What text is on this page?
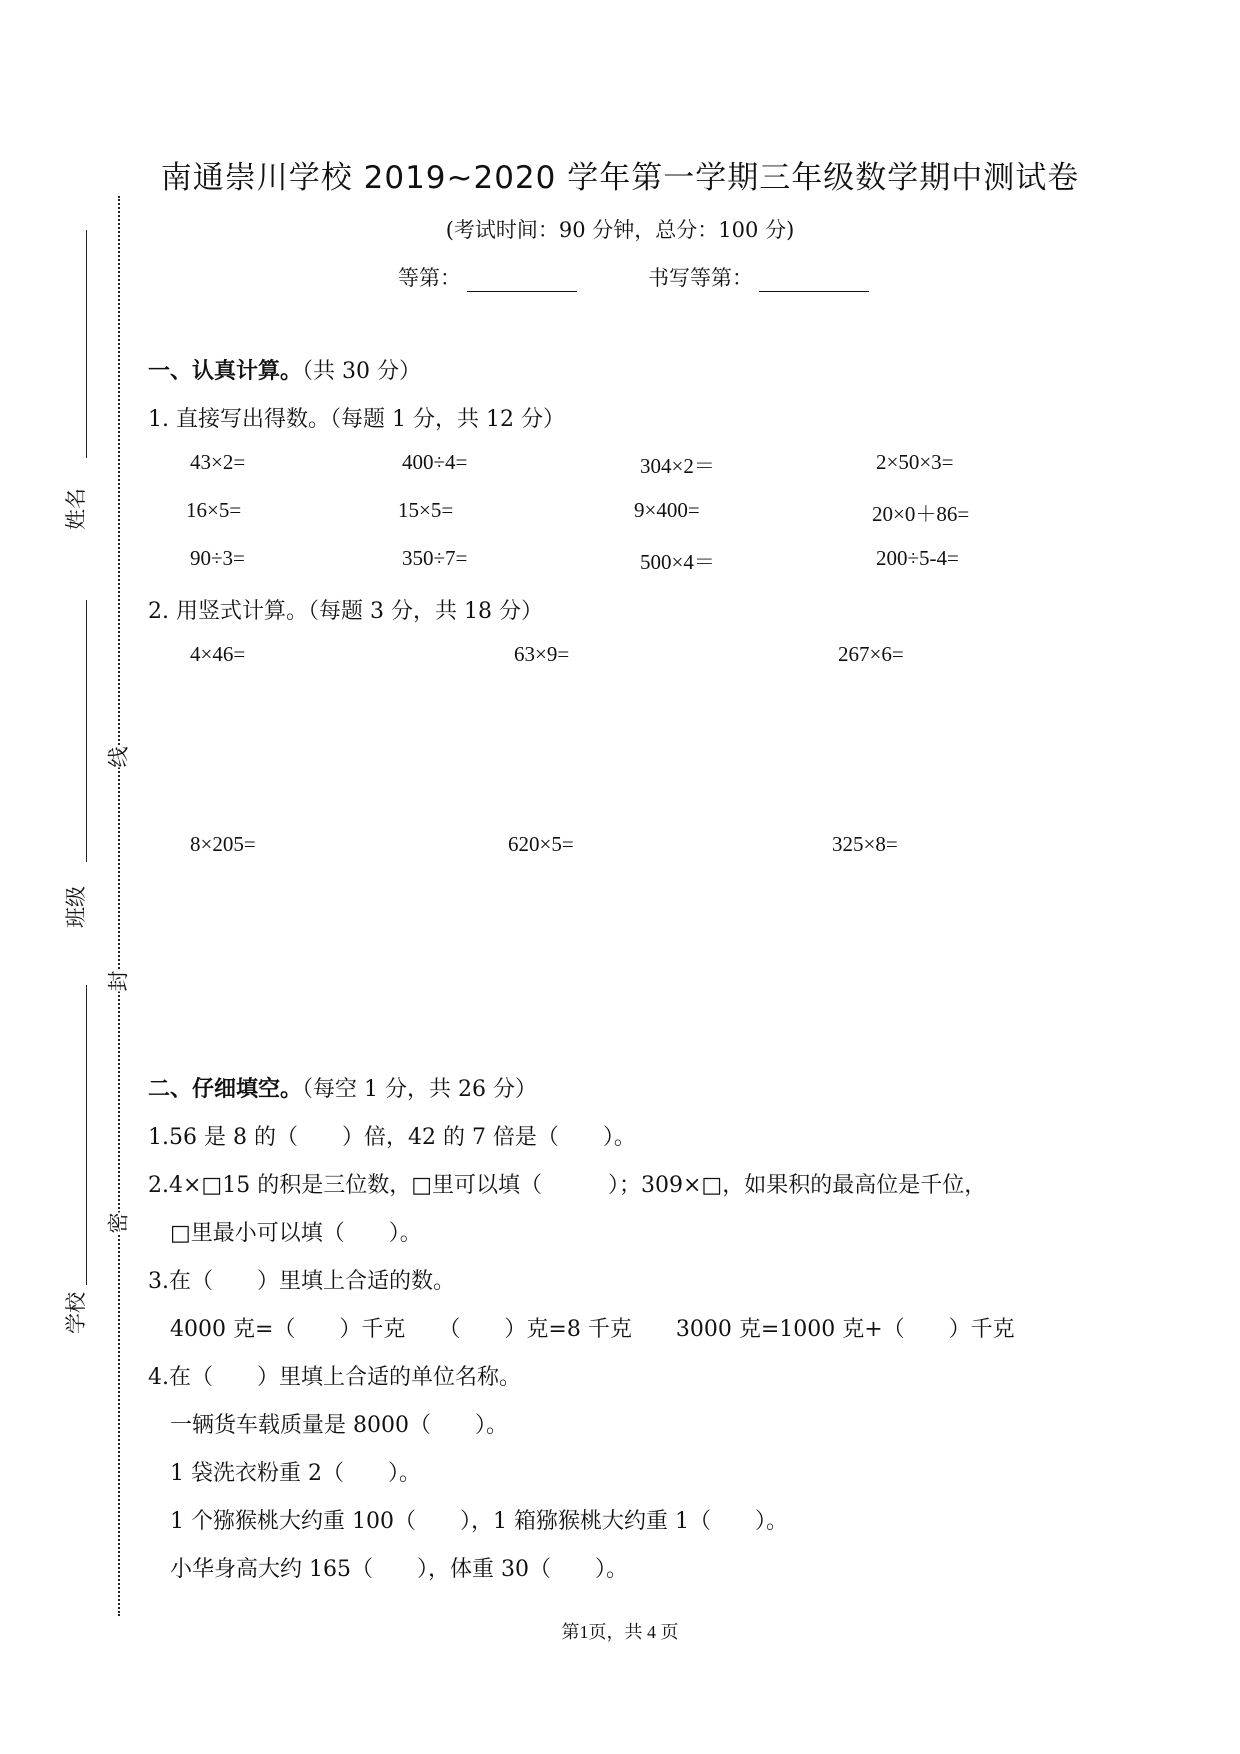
姓名
班级
学校
线
封
密
南通崇川学校 2019~2020 学年第一学期三年级数学期中测试卷
(考试时间：90 分钟，总分：100 分)
等第：	书写等第：
一、认真计算。（共 30 分）
1. 直接写出得数。（每题 1 分，共 12 分）
43×2=	400÷4=	304×2＝	2×50×3=
16×5=	15×5=	9×400=	20×0＋86=
90÷3=	350÷7=	500×4＝	200÷5-4=
2. 用竖式计算。（每题 3 分，共 18 分）
4×46=	63×9=	267×6=
8×205=	620×5=	325×8=
二、仔细填空。（每空 1 分，共 26 分）
1.56 是 8 的（　　）倍，42 的 7 倍是（　　）。
2.4×□15 的积是三位数，□里可以填（　　　）；309×□，如果积的最高位是千位，
　□里最小可以填（　　）。
3.在（　　）里填上合适的数。
　4000 克=（　　）千克　　（　　）克=8 千克　　3000 克=1000 克+（　　）千克
4.在（　　）里填上合适的单位名称。
　一辆货车载质量是 8000（　　）。
　1 袋洗衣粉重 2（　　）。
　1 个猕猴桃大约重 100（　　），1 箱猕猴桃大约重 1（　　）。
　小华身高大约 165（　　），体重 30（　　）。
第1页，共 4 页
